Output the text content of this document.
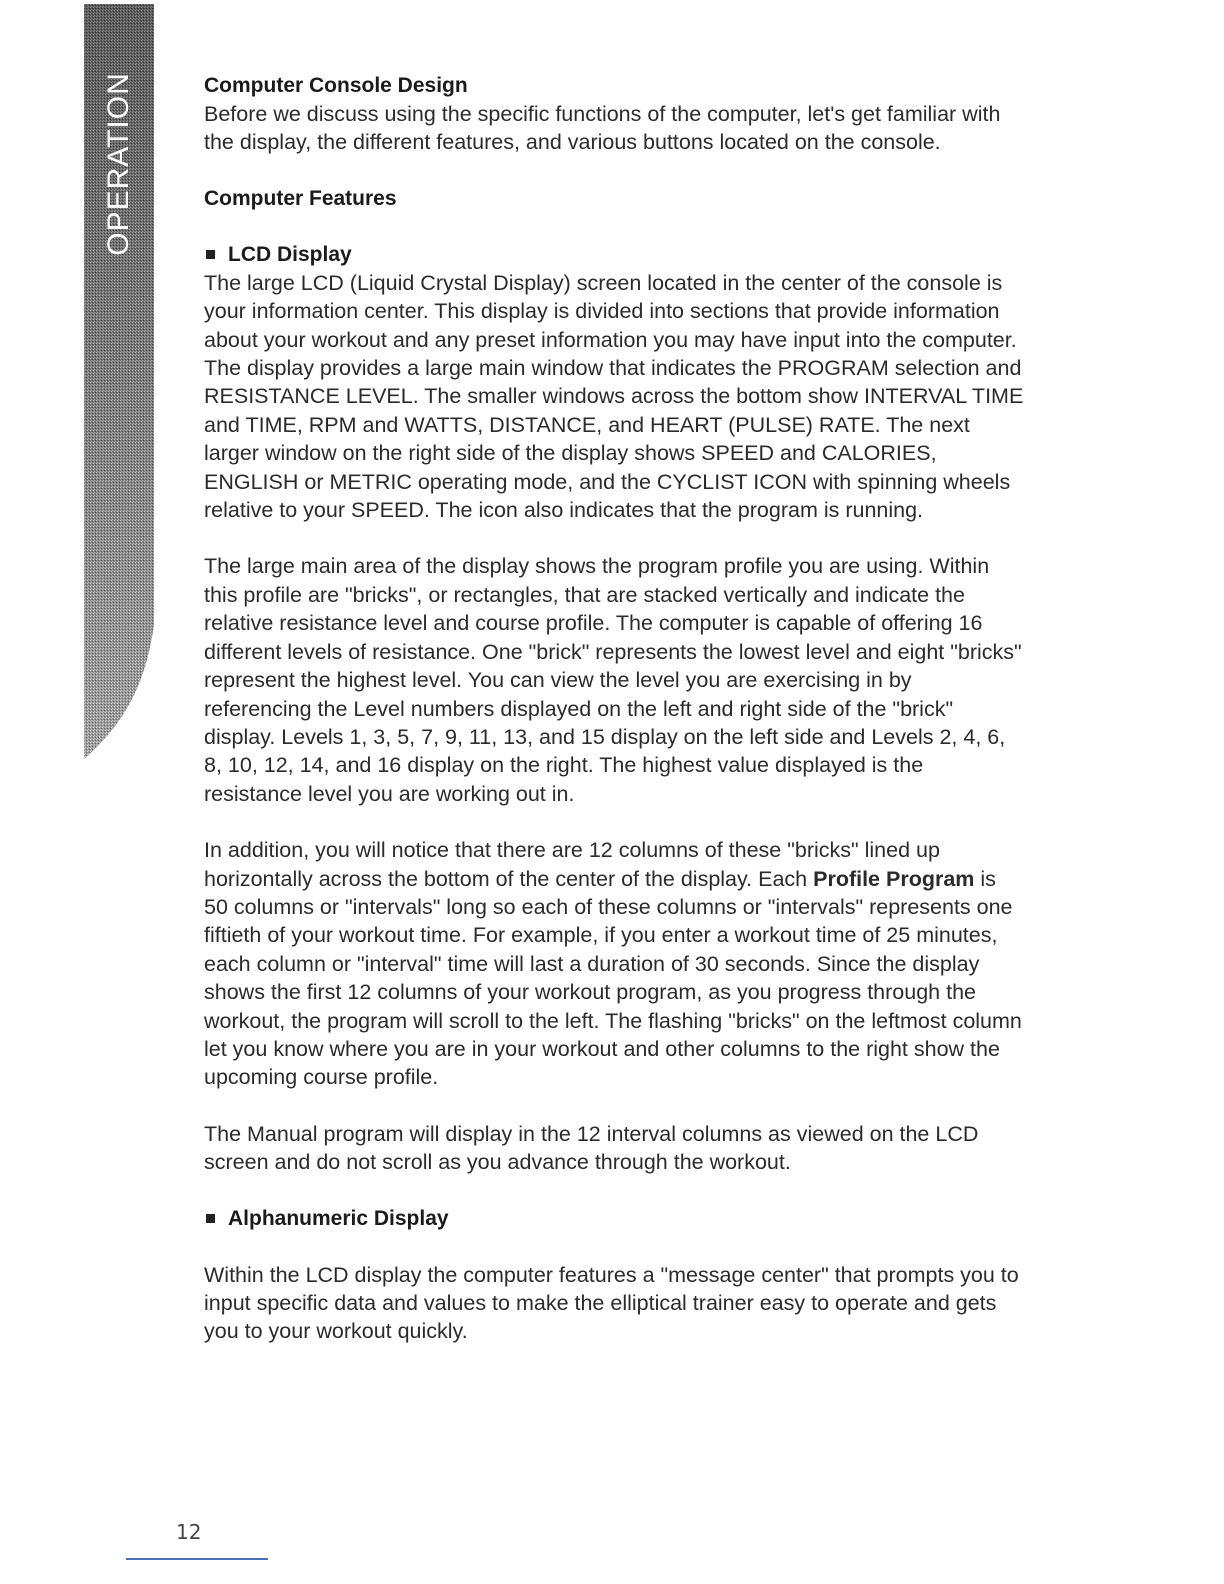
OPERATION	Computer Console Design

Before we discuss using the specific functions of the computer, let's get familiar with the display, the different features, and various buttons located on the console.

Computer Features
LCD Display

The large LCD (Liquid Crystal Display) screen located in the center of the console is your information center. This display is divided into sections that provide information about your workout and any preset information you may have input into the computer. The display provides a large main window that indicates the PROGRAM selection and RESISTANCE LEVEL. The smaller windows across the bottom show INTERVAL TIME and TIME, RPM and WATTS, DISTANCE, and HEART (PULSE) RATE. The next larger window on the right side of the display shows SPEED and CALORIES, ENGLISH or METRIC operating mode, and the CYCLIST ICON with spinning wheels relative to your SPEED. The icon also indicates that the program is running.

The large main area of the display shows the program profile you are using. Within this profile are "bricks", or rectangles, that are stacked vertically and indicate the relative resistance level and course profile. The computer is capable of offering 16 different levels of resistance. One "brick" represents the lowest level and eight "bricks" represent the highest level. You can view the level you are exercising in by referencing the Level numbers displayed on the left and right side of the "brick" display. Levels 1, 3, 5, 7, 9, 11, 13, and 15 display on the left side and Levels 2, 4, 6, 8, 10, 12, 14, and 16 display on the right. The highest value displayed is the resistance level you are working out in.

In addition, you will notice that there are 12 columns of these "bricks" lined up horizontally across the bottom of the center of the display. Each Profile Program is 50 columns or "intervals" long so each of these columns or "intervals" represents one fiftieth of your workout time. For example, if you enter a workout time of 25 minutes, each column or "interval" time will last a duration of 30 seconds. Since the display shows the first 12 columns of your workout program, as you progress through the workout, the program will scroll to the left. The flashing "bricks" on the leftmost column let you know where you are in your workout and other columns to the right show the upcoming course profile.

The Manual program will display in the 12 interval columns as viewed on the LCD screen and do not scroll as you advance through the workout.

Alphanumeric Display

Within the LCD display the computer features a "message center" that prompts you to input specific data and values to make the elliptical trainer easy to operate and gets you to your workout quickly.

12
